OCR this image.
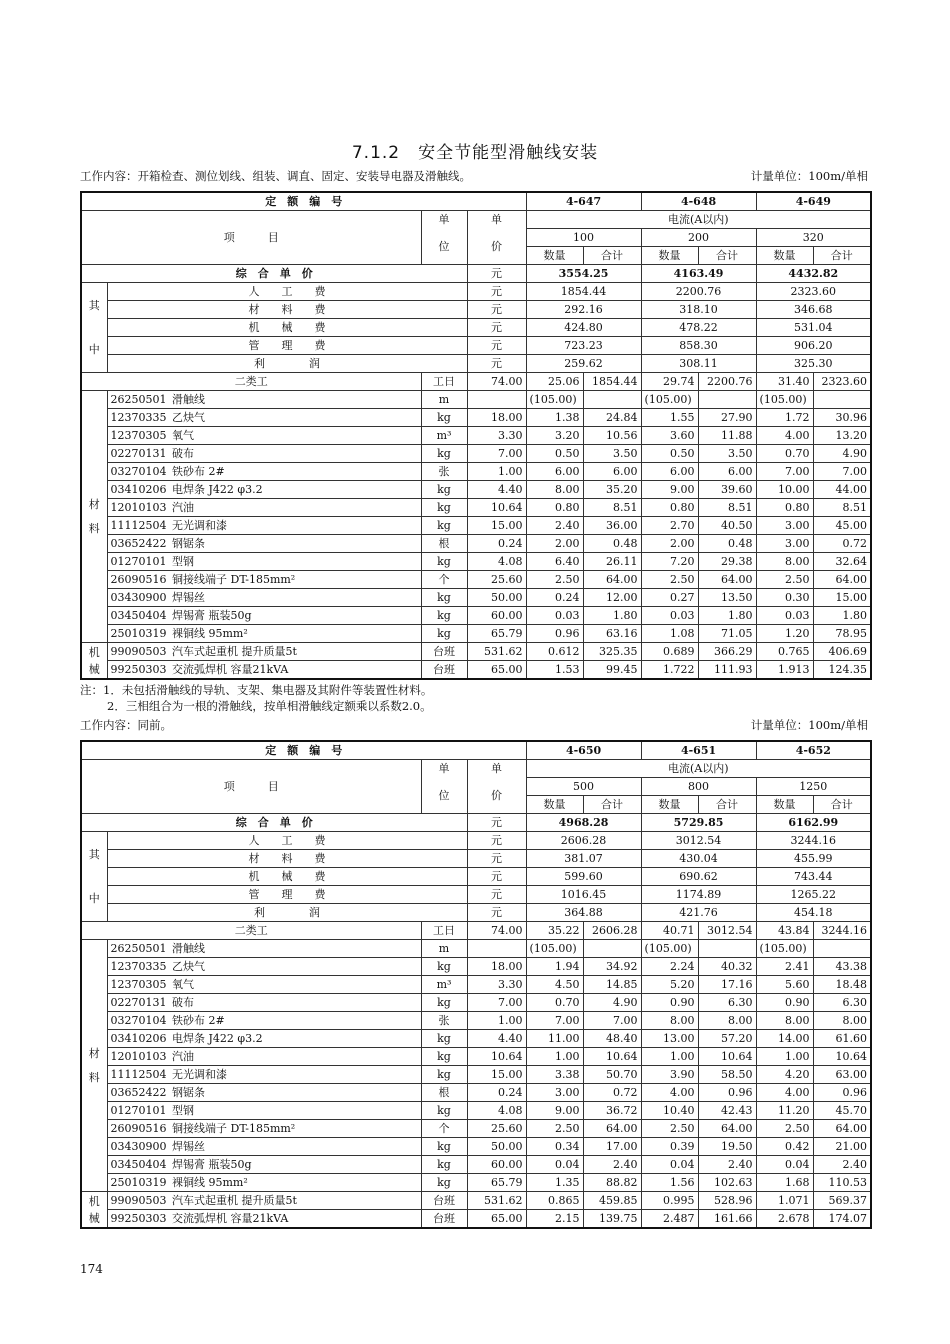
7.1.2　安全节能型滑触线安装
工作内容：开箱检查、测位划线、组装、调直、固定、安装导电器及滑触线。	计量单位：100m/单相
定　额　编　号					4-647		4-648		4-649	
项　　　目			单	单	电流(A以内)					
			位	价	100		200		320	
					数量	合计	数量	合计	数量	合计
综　合　单　价				元	3554.25		4163.49		4432.82	
其

中	人　　工　　费			元	1854.44		2200.76		2323.60	
	材　　料　　费			元	292.16		318.10		346.68	
	机　　械　　费			元	424.80		478.22		531.04	
	管　　理　　费			元	723.23		858.30		906.20	
	利　　　　润			元	259.62		308.11		325.30	
二类工			工日	74.00	25.06	1854.44	29.74	2200.76	31.40	2323.60
材

料	26250501	滑触线	m		(105.00)		(105.00)		(105.00)	
	12370335	乙炔气	kg	18.00	1.38	24.84	1.55	27.90	1.72	30.96
	12370305	氧气	m³	3.30	3.20	10.56	3.60	11.88	4.00	13.20
	02270131	破布	kg	7.00	0.50	3.50	0.50	3.50	0.70	4.90
	03270104	铁砂布 2#	张	1.00	6.00	6.00	6.00	6.00	7.00	7.00
	03410206	电焊条 J422 φ3.2	kg	4.40	8.00	35.20	9.00	39.60	10.00	44.00
	12010103	汽油	kg	10.64	0.80	8.51	0.80	8.51	0.80	8.51
	11112504	无光调和漆	kg	15.00	2.40	36.00	2.70	40.50	3.00	45.00
	03652422	钢锯条	根	0.24	2.00	0.48	2.00	0.48	3.00	0.72
	01270101	型钢	kg	4.08	6.40	26.11	7.20	29.38	8.00	32.64
	26090516	铜接线端子 DT-185mm²	个	25.60	2.50	64.00	2.50	64.00	2.50	64.00
	03430900	焊锡丝	kg	50.00	0.24	12.00	0.27	13.50	0.30	15.00
	03450404	焊锡膏 瓶装50g	kg	60.00	0.03	1.80	0.03	1.80	0.03	1.80
	25010319	裸铜线 95mm²	kg	65.79	0.96	63.16	1.08	71.05	1.20	78.95
机
械	99090503	汽车式起重机 提升质量5t	台班	531.62	0.612	325.35	0.689	366.29	0.765	406.69
	99250303	交流弧焊机 容量21kVA	台班	65.00	1.53	99.45	1.722	111.93	1.913	124.35
注：1．未包括滑触线的导轨、支架、集电器及其附件等装置性材料。
2．三相组合为一根的滑触线，按单相滑触线定额乘以系数2.0。
工作内容：同前。	计量单位：100m/单相
定　额　编　号					4-650		4-651		4-652	
项　　　目			单	单	电流(A以内)					
			位	价	500		800		1250	
					数量	合计	数量	合计	数量	合计
综　合　单　价				元	4968.28		5729.85		6162.99	
其

中	人　　工　　费			元	2606.28		3012.54		3244.16	
	材　　料　　费			元	381.07		430.04		455.99	
	机　　械　　费			元	599.60		690.62		743.44	
	管　　理　　费			元	1016.45		1174.89		1265.22	
	利　　　　润			元	364.88		421.76		454.18	
二类工			工日	74.00	35.22	2606.28	40.71	3012.54	43.84	3244.16
材

料	26250501	滑触线	m		(105.00)		(105.00)		(105.00)	
	12370335	乙炔气	kg	18.00	1.94	34.92	2.24	40.32	2.41	43.38
	12370305	氧气	m³	3.30	4.50	14.85	5.20	17.16	5.60	18.48
	02270131	破布	kg	7.00	0.70	4.90	0.90	6.30	0.90	6.30
	03270104	铁砂布 2#	张	1.00	7.00	7.00	8.00	8.00	8.00	8.00
	03410206	电焊条 J422 φ3.2	kg	4.40	11.00	48.40	13.00	57.20	14.00	61.60
	12010103	汽油	kg	10.64	1.00	10.64	1.00	10.64	1.00	10.64
	11112504	无光调和漆	kg	15.00	3.38	50.70	3.90	58.50	4.20	63.00
	03652422	钢锯条	根	0.24	3.00	0.72	4.00	0.96	4.00	0.96
	01270101	型钢	kg	4.08	9.00	36.72	10.40	42.43	11.20	45.70
	26090516	铜接线端子 DT-185mm²	个	25.60	2.50	64.00	2.50	64.00	2.50	64.00
	03430900	焊锡丝	kg	50.00	0.34	17.00	0.39	19.50	0.42	21.00
	03450404	焊锡膏 瓶装50g	kg	60.00	0.04	2.40	0.04	2.40	0.04	2.40
	25010319	裸铜线 95mm²	kg	65.79	1.35	88.82	1.56	102.63	1.68	110.53
机
械	99090503	汽车式起重机 提升质量5t	台班	531.62	0.865	459.85	0.995	528.96	1.071	569.37
	99250303	交流弧焊机 容量21kVA	台班	65.00	2.15	139.75	2.487	161.66	2.678	174.07
174
